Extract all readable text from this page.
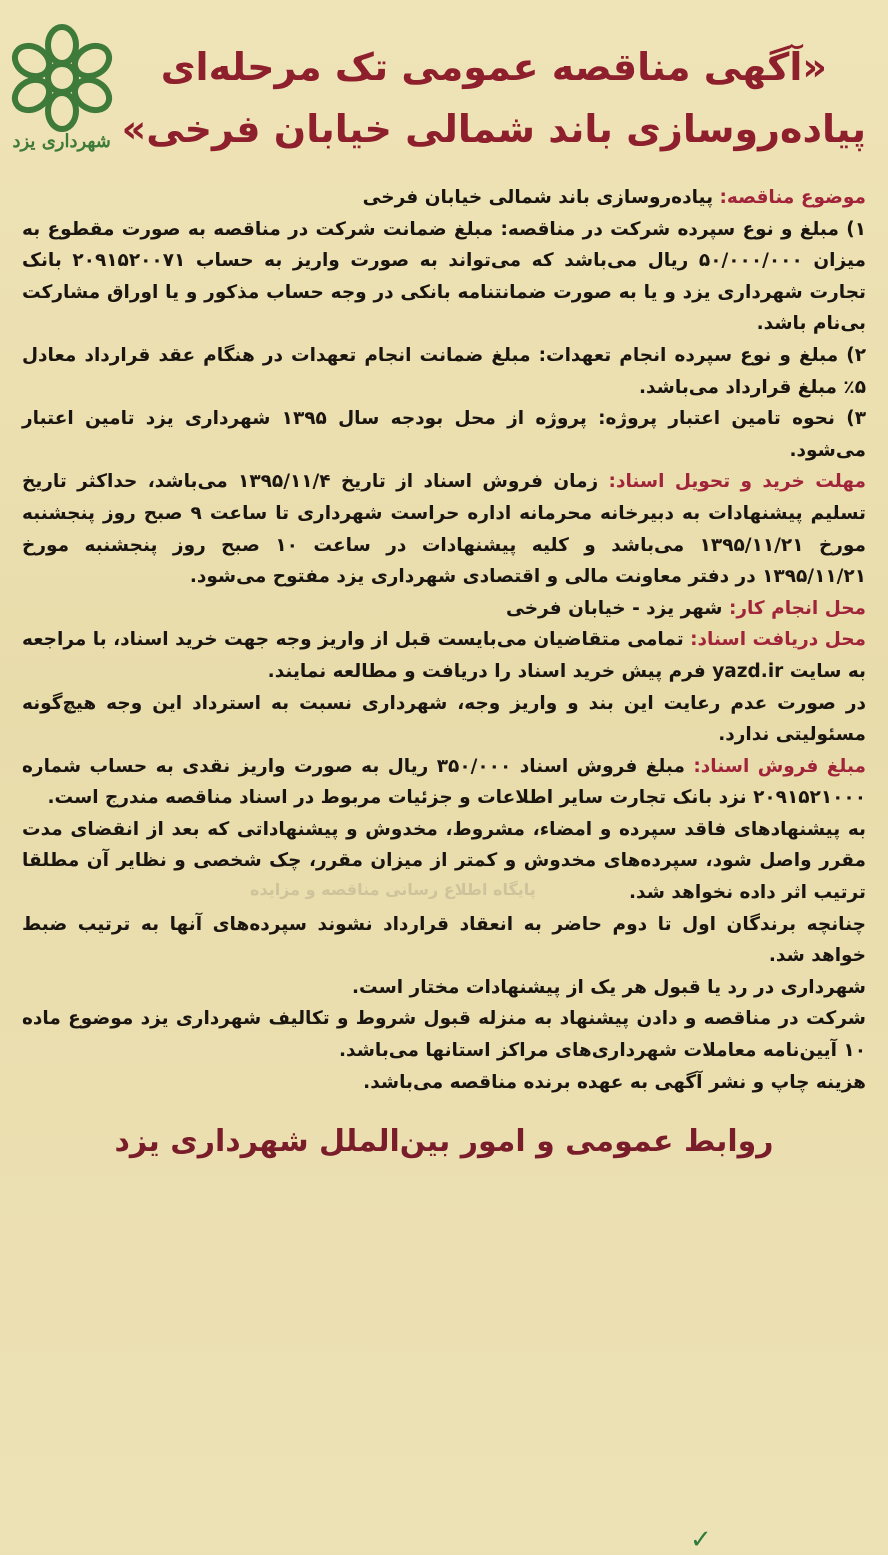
«آگهی مناقصه عمومی تک مرحله‌ای
پیاده‌روسازی باند شمالی خیابان فرخی»
شهرداری یزد

موضوع مناقصه: پیاده‌روسازی باند شمالی خیابان فرخی

۱) مبلغ و نوع سپرده شرکت در مناقصه: مبلغ ضمانت شرکت در مناقصه به صورت مقطوع به میزان ۵۰/۰۰۰/۰۰۰ ریال می‌باشد که می‌تواند به صورت واریز به حساب ۲۰۹۱۵۲۰۰۷۱ بانک تجارت شهرداری یزد و یا به صورت ضمانتنامه بانکی در وجه حساب مذکور و یا اوراق مشارکت بی‌نام باشد.

۲) مبلغ و نوع سپرده انجام تعهدات: مبلغ ضمانت انجام تعهدات در هنگام عقد قرارداد معادل ۵٪ مبلغ قرارداد می‌باشد.

۳) نحوه تامین اعتبار پروژه: پروژه از محل بودجه سال ۱۳۹۵ شهرداری یزد تامین اعتبار می‌شود.

مهلت خرید و تحویل اسناد: زمان فروش اسناد از تاریخ ۱۳۹۵/۱۱/۴ می‌باشد، حداکثر تاریخ تسلیم پیشنهادات به دبیرخانه محرمانه اداره حراست شهرداری تا ساعت ۹ صبح روز پنجشنبه مورخ ۱۳۹۵/۱۱/۲۱ می‌باشد و کلیه پیشنهادات در ساعت ۱۰ صبح روز پنجشنبه مورخ ۱۳۹۵/۱۱/۲۱ در دفتر معاونت مالی و اقتصادی شهرداری یزد مفتوح می‌شود.

محل انجام کار: شهر یزد - خیابان فرخی

محل دریافت اسناد: تمامی متقاضیان می‌بایست قبل از واریز وجه جهت خرید اسناد، با مراجعه به سایت yazd.ir فرم پیش خرید اسناد را دریافت و مطالعه نمایند.

در صورت عدم رعایت این بند و واریز وجه، شهرداری نسبت به استرداد این وجه هیچ‌گونه مسئولیتی ندارد.

مبلغ فروش اسناد: مبلغ فروش اسناد ۳۵۰/۰۰۰ ریال به صورت واریز نقدی به حساب شماره ۲۰۹۱۵۲۱۰۰۰ نزد بانک تجارت سایر اطلاعات و جزئیات مربوط در اسناد مناقصه مندرج است.

به پیشنهادهای فاقد سپرده و امضاء، مشروط، مخدوش و پیشنهاداتی که بعد از انقضای مدت مقرر واصل شود، سپرده‌های مخدوش و کمتر از میزان مقرر، چک شخصی و نظایر آن مطلقا ترتیب اثر داده نخواهد شد.

چنانچه برندگان اول تا دوم حاضر به انعقاد قرارداد نشوند سپرده‌های آنها به ترتیب ضبط خواهد شد.

شهرداری در رد یا قبول هر یک از پیشنهادات مختار است.

شرکت در مناقصه و دادن پیشنهاد به منزله قبول شروط و تکالیف شهرداری یزد موضوع ماده ۱۰ آیین‌نامه معاملات شهرداری‌های مراکز استانها می‌باشد.

هزینه چاپ و نشر آگهی به عهده برنده مناقصه می‌باشد.

روابط عمومی و امور بین‌الملل شهرداری یزد
پایگاه اطلاع رسانی مناقصه و مزایده
✓
